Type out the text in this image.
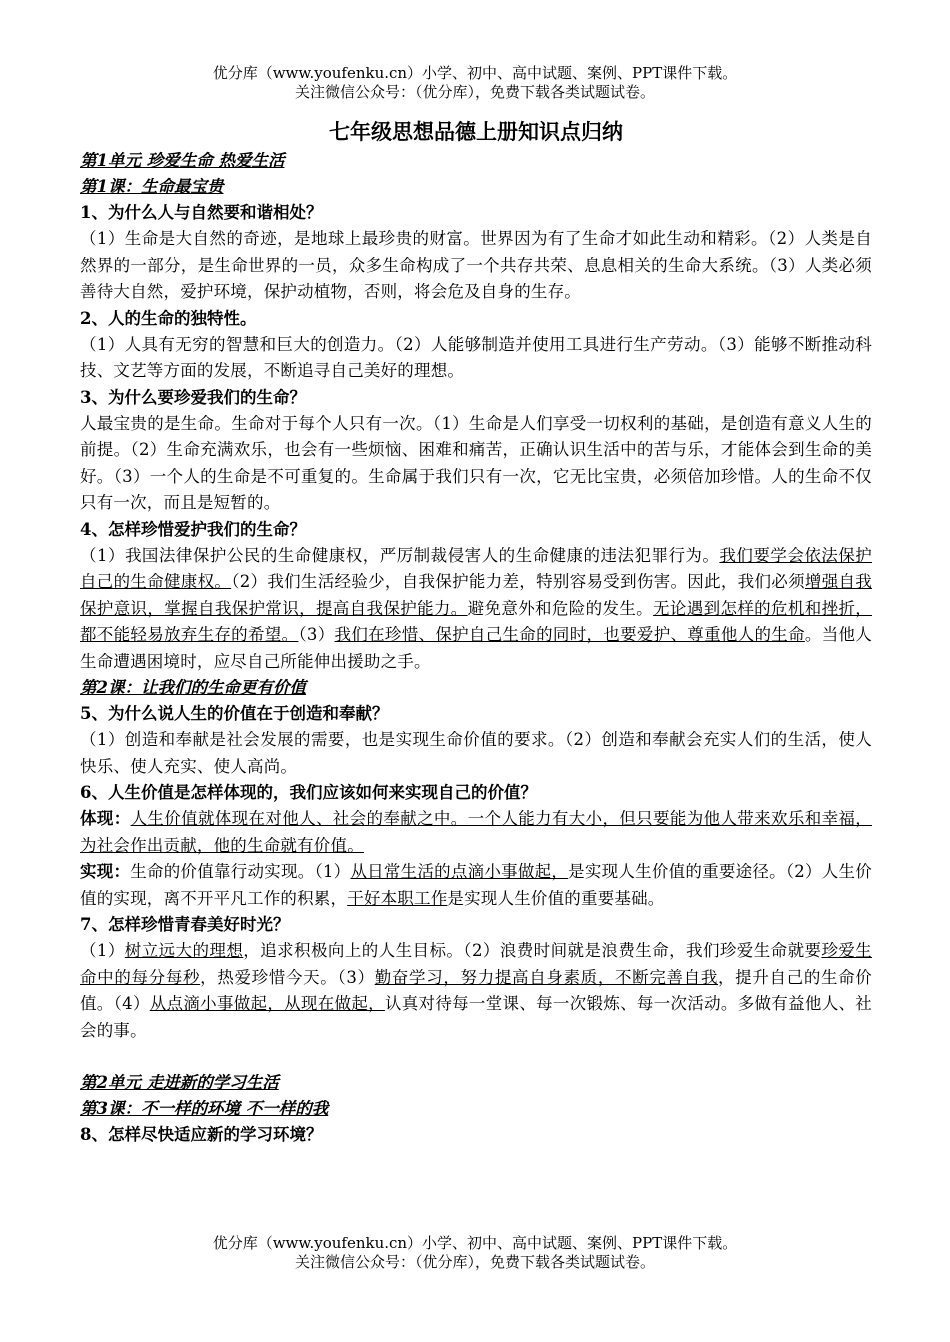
优分库（www.youfenku.cn）小学、初中、高中试题、案例、PPT课件下载。
关注微信公众号：（优分库），免费下载各类试题试卷。
七年级思想品德上册知识点归纳
第1单元 珍爱生命 热爱生活
第1课：生命最宝贵
1、为什么人与自然要和谐相处？

（1）生命是大自然的奇迹，是地球上最珍贵的财富。世界因为有了生命才如此生动和精彩。（2）人类是自然界的一部分，是生命世界的一员，众多生命构成了一个共存共荣、息息相关的生命大系统。（3）人类必须善待大自然，爱护环境，保护动植物，否则，将会危及自身的生存。

2、人的生命的独特性。

（1）人具有无穷的智慧和巨大的创造力。（2）人能够制造并使用工具进行生产劳动。（3）能够不断推动科技、文艺等方面的发展，不断追寻自己美好的理想。

3、为什么要珍爱我们的生命？

人最宝贵的是生命。生命对于每个人只有一次。（1）生命是人们享受一切权利的基础，是创造有意义人生的前提。（2）生命充满欢乐，也会有一些烦恼、困难和痛苦，正确认识生活中的苦与乐，才能体会到生命的美好。（3）一个人的生命是不可重复的。生命属于我们只有一次，它无比宝贵，必须倍加珍惜。人的生命不仅只有一次，而且是短暂的。

4、怎样珍惜爱护我们的生命？

（1）我国法律保护公民的生命健康权，严厉制裁侵害人的生命健康的违法犯罪行为。我们要学会依法保护自己的生命健康权。（2）我们生活经验少，自我保护能力差，特别容易受到伤害。因此，我们必须增强自我保护意识，掌握自我保护常识，提高自我保护能力。避免意外和危险的发生。无论遇到怎样的危机和挫折，都不能轻易放弃生存的希望。（3）我们在珍惜、保护自己生命的同时，也要爱护、尊重他人的生命。当他人生命遭遇困境时，应尽自己所能伸出援助之手。

第2课：让我们的生命更有价值
5、为什么说人生的价值在于创造和奉献？

（1）创造和奉献是社会发展的需要，也是实现生命价值的要求。（2）创造和奉献会充实人们的生活，使人快乐、使人充实、使人高尚。

6、人生价值是怎样体现的，我们应该如何来实现自己的价值？

体现：人生价值就体现在对他人、社会的奉献之中。一个人能力有大小，但只要能为他人带来欢乐和幸福，为社会作出贡献，他的生命就有价值。

实现：生命的价值靠行动实现。（1）从日常生活的点滴小事做起，是实现人生价值的重要途径。（2）人生价值的实现，离不开平凡工作的积累，干好本职工作是实现人生价值的重要基础。

7、怎样珍惜青春美好时光？

（1）树立远大的理想，追求积极向上的人生目标。（2）浪费时间就是浪费生命，我们珍爱生命就要珍爱生命中的每分每秒，热爱珍惜今天。（3）勤奋学习，努力提高自身素质，不断完善自我，提升自己的生命价值。（4）从点滴小事做起，从现在做起，认真对待每一堂课、每一次锻炼、每一次活动。多做有益他人、社会的事。

第2单元 走进新的学习生活
第3课：不一样的环境 不一样的我
8、怎样尽快适应新的学习环境？
优分库（www.youfenku.cn）小学、初中、高中试题、案例、PPT课件下载。
关注微信公众号：（优分库），免费下载各类试题试卷。
